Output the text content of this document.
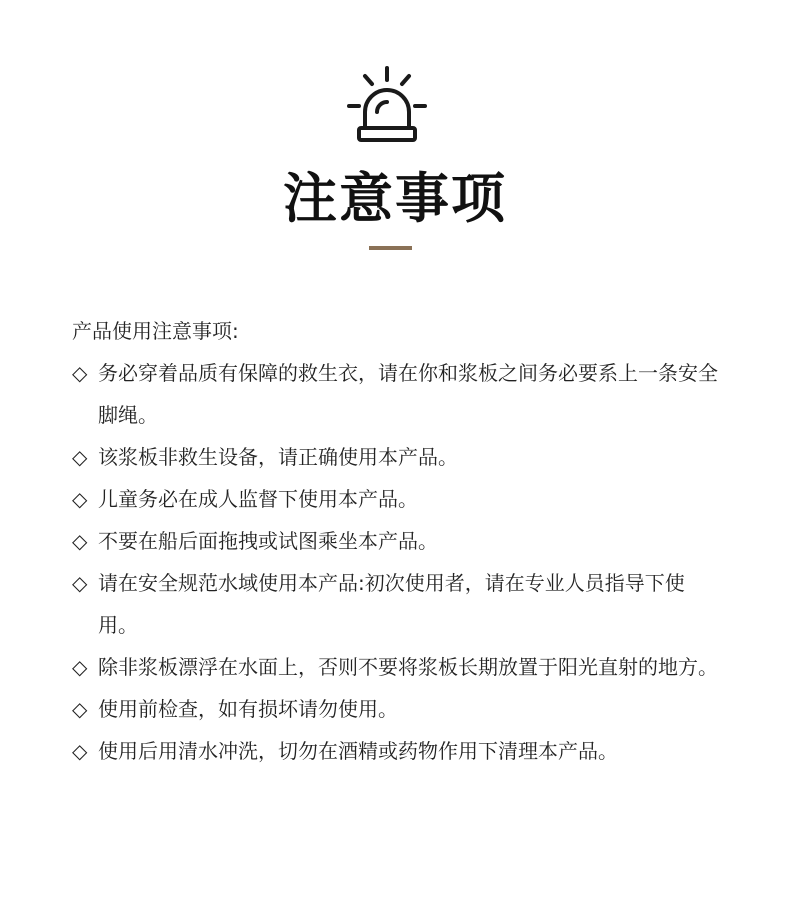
注意事项

产品使用注意事项:

◇ 务必穿着品质有保障的救生衣，请在你和浆板之间务必要系上一条安全脚绳。
◇ 该浆板非救生设备，请正确使用本产品。
◇ 儿童务必在成人监督下使用本产品。
◇ 不要在船后面拖拽或试图乘坐本产品。
◇ 请在安全规范水域使用本产品:初次使用者，请在专业人员指导下使用。
◇ 除非浆板漂浮在水面上，否则不要将浆板长期放置于阳光直射的地方。
◇ 使用前检查，如有损坏请勿使用。
◇ 使用后用清水冲洗，切勿在酒精或药物作用下清理本产品。
